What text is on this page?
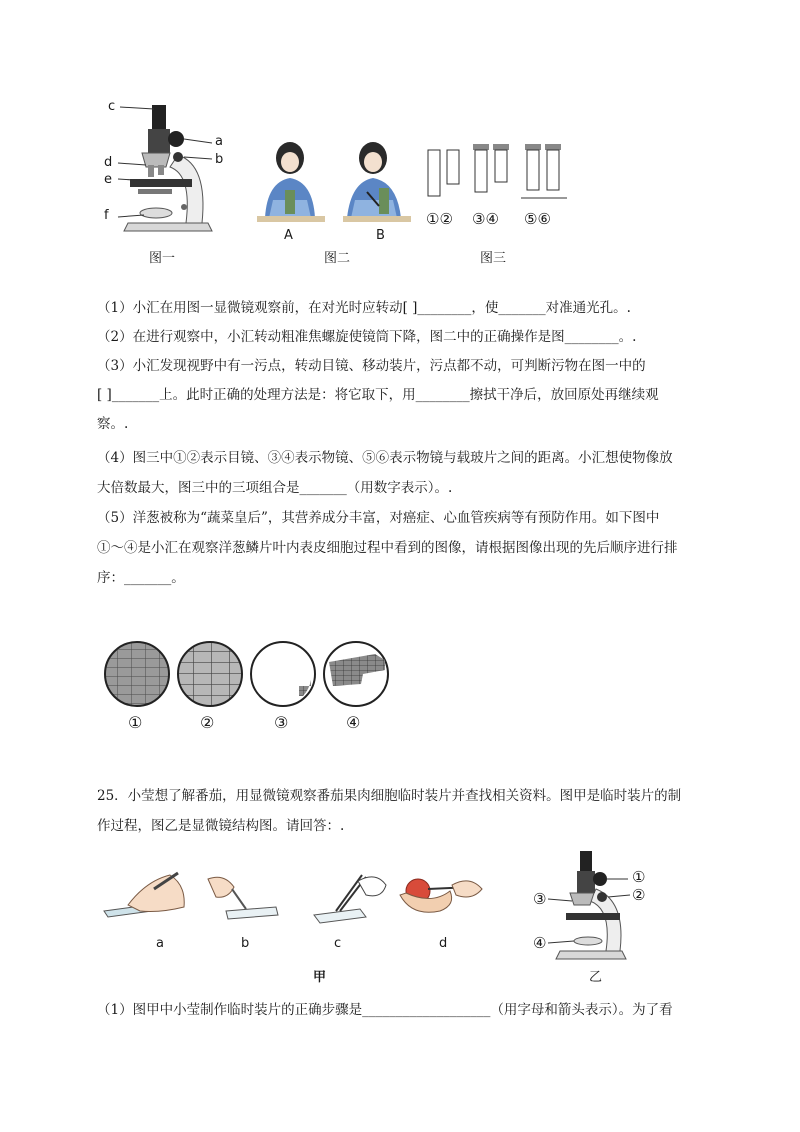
c
a
b
d
e
f
图一
A	B
图二
①② ③④ ⑤⑥
图三
（1）小汇在用图一显微镜观察前，在对光时应转动[ ]________，使_______对准通光孔。.
（2）在进行观察中，小汇转动粗准焦螺旋使镜筒下降，图二中的正确操作是图________。.
（3）小汇发现视野中有一污点，转动目镜、移动装片，污点都不动，可判断污物在图一中的
[ ]_______上。此时正确的处理方法是：将它取下，用________擦拭干净后，放回原处再继续观
察。.
（4）图三中①②表示目镜、③④表示物镜、⑤⑥表示物镜与载玻片之间的距离。小汇想使物像放
大倍数最大，图三中的三项组合是_______（用数字表示）。.
（5）洋葱被称为“蔬菜皇后”，其营养成分丰富，对癌症、心血管疾病等有预防作用。如下图中
①～④是小汇在观察洋葱鳞片叶内表皮细胞过程中看到的图像，请根据图像出现的先后顺序进行排
序：_______。
①	②	③	④
25．小莹想了解番茄，用显微镜观察番茄果肉细胞临时装片并查找相关资料。图甲是临时装片的制
作过程，图乙是显微镜结构图。请回答：.
a	b	c	d
甲
①
②
③
④
乙
（1）图甲中小莹制作临时装片的正确步骤是___________________（用字母和箭头表示）。为了看
